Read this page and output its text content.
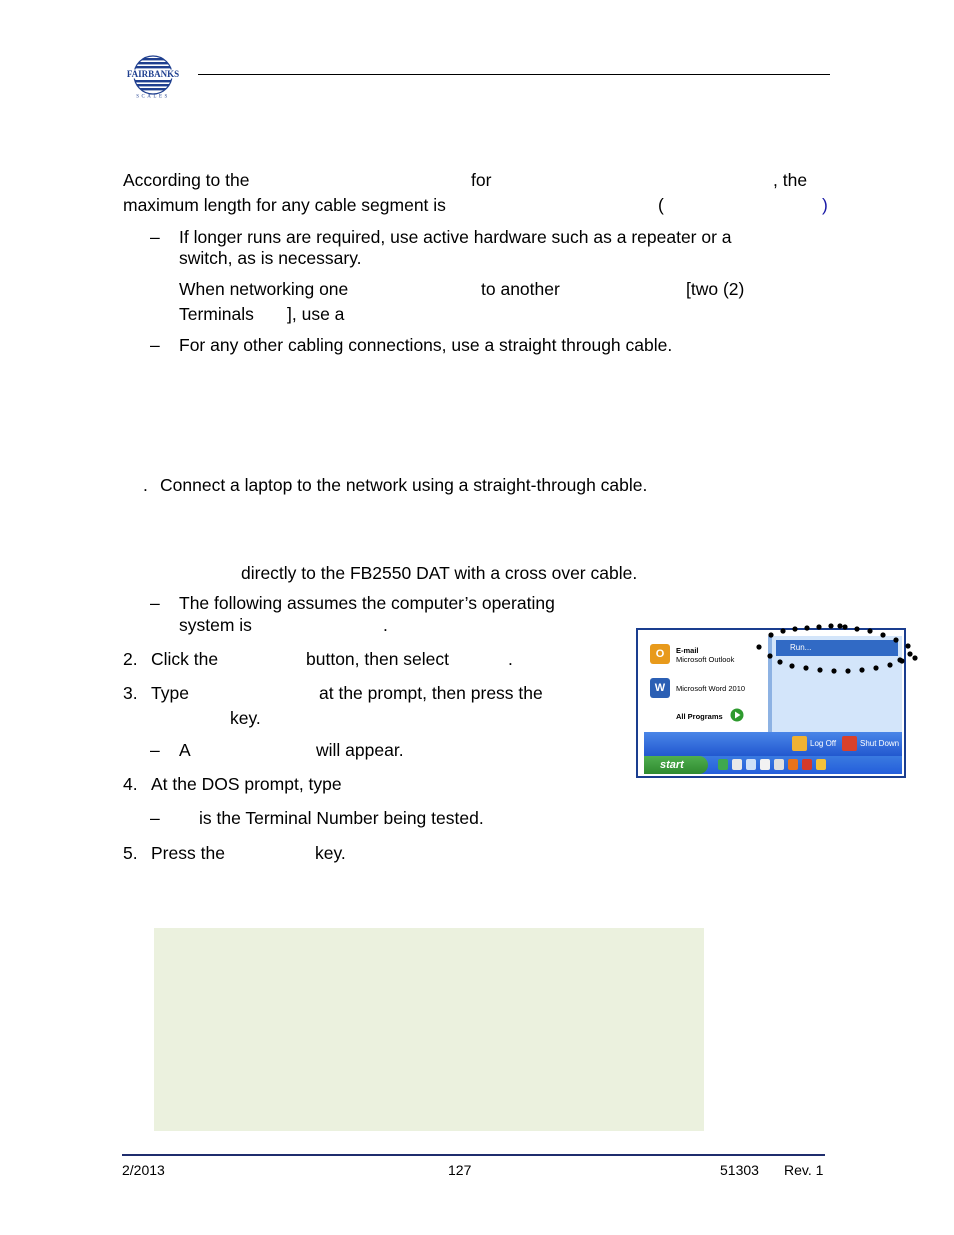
FAIRBANKS
SCALES
According to the	for	, the
maximum length for any cable segment is	(	)
– If longer runs are required, use active hardware such as a repeater or a
switch, as is necessary.
When networking one	to another	[two (2)
Terminals ], use a
– For any other cabling connections, use a straight through cable.
. Connect a laptop to the network using a straight-through cable.
directly to the FB2550 DAT with a cross over cable.
– The following assumes the computer’s operating
system is	.
2. Click the	button, then select	.
3. Type	at the prompt, then press the
key.
– A	will appear.
4. At the DOS prompt, type
– is the Terminal Number being tested.
5. Press the	key.
O	E-mail
Microsoft Outlook
W	Microsoft Word 2010
All Programs
Run...
Log Off	Shut Down
start
2/2013	127	51303 Rev. 1
